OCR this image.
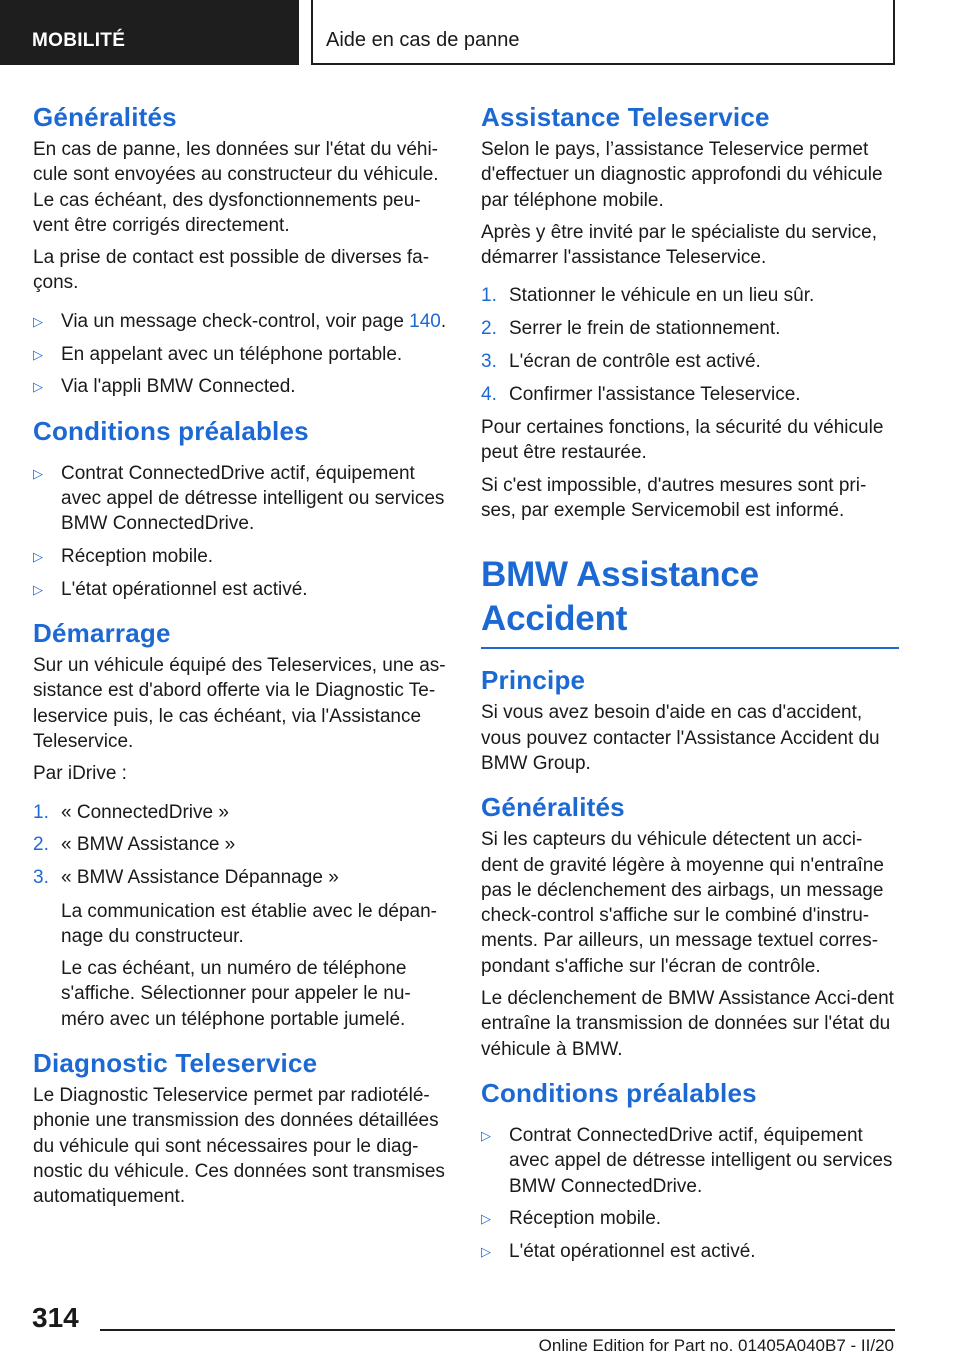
MOBILITÉ	Aide en cas de panne
Généralités

En cas de panne, les données sur l'état du véhi-cule sont envoyées au constructeur du véhicule. Le cas échéant, des dysfonctionnements peu-vent être corrigés directement.

La prise de contact est possible de diverses fa-çons.

▷ Via un message check-control, voir page 140.
▷ En appelant avec un téléphone portable.
▷ Via l'appli BMW Connected.
Conditions préalables
▷ Contrat ConnectedDrive actif, équipement avec appel de détresse intelligent ou services BMW ConnectedDrive.
▷ Réception mobile.
▷ L'état opérationnel est activé.
Démarrage

Sur un véhicule équipé des Teleservices, une as-sistance est d'abord offerte via le Diagnostic Te-leservice puis, le cas échéant, via l'Assistance Teleservice.

Par iDrive :

1. « ConnectedDrive »
2. « BMW Assistance »
3. « BMW Assistance Dépannage »

La communication est établie avec le dépan-nage du constructeur.

Le cas échéant, un numéro de téléphone s'affiche. Sélectionner pour appeler le nu-méro avec un téléphone portable jumelé.

Diagnostic Teleservice

Le Diagnostic Teleservice permet par radiotélé-phonie une transmission des données détaillées du véhicule qui sont nécessaires pour le diag-nostic du véhicule. Ces données sont transmises automatiquement.

Assistance Teleservice

Selon le pays, l’assistance Teleservice permet d'effectuer un diagnostic approfondi du véhicule par téléphone mobile.

Après y être invité par le spécialiste du service, démarrer l'assistance Teleservice.

1. Stationner le véhicule en un lieu sûr.
2. Serrer le frein de stationnement.
3. L'écran de contrôle est activé.
4. Confirmer l'assistance Teleservice.

Pour certaines fonctions, la sécurité du véhicule peut être restaurée.

Si c'est impossible, d'autres mesures sont pri-ses, par exemple Servicemobil est informé.

BMW Assistance Accident
Principe

Si vous avez besoin d'aide en cas d'accident, vous pouvez contacter l'Assistance Accident du BMW Group.

Généralités

Si les capteurs du véhicule détectent un acci-dent de gravité légère à moyenne qui n'entraîne pas le déclenchement des airbags, un message check-control s'affiche sur le combiné d'instru-ments. Par ailleurs, un message textuel corres-pondant s'affiche sur l'écran de contrôle.

Le déclenchement de BMW Assistance Acci-dent entraîne la transmission de données sur l'état du véhicule à BMW.

Conditions préalables
▷ Contrat ConnectedDrive actif, équipement avec appel de détresse intelligent ou services BMW ConnectedDrive.
▷ Réception mobile.
▷ L'état opérationnel est activé.
314
Online Edition for Part no. 01405A040B7 - II/20
